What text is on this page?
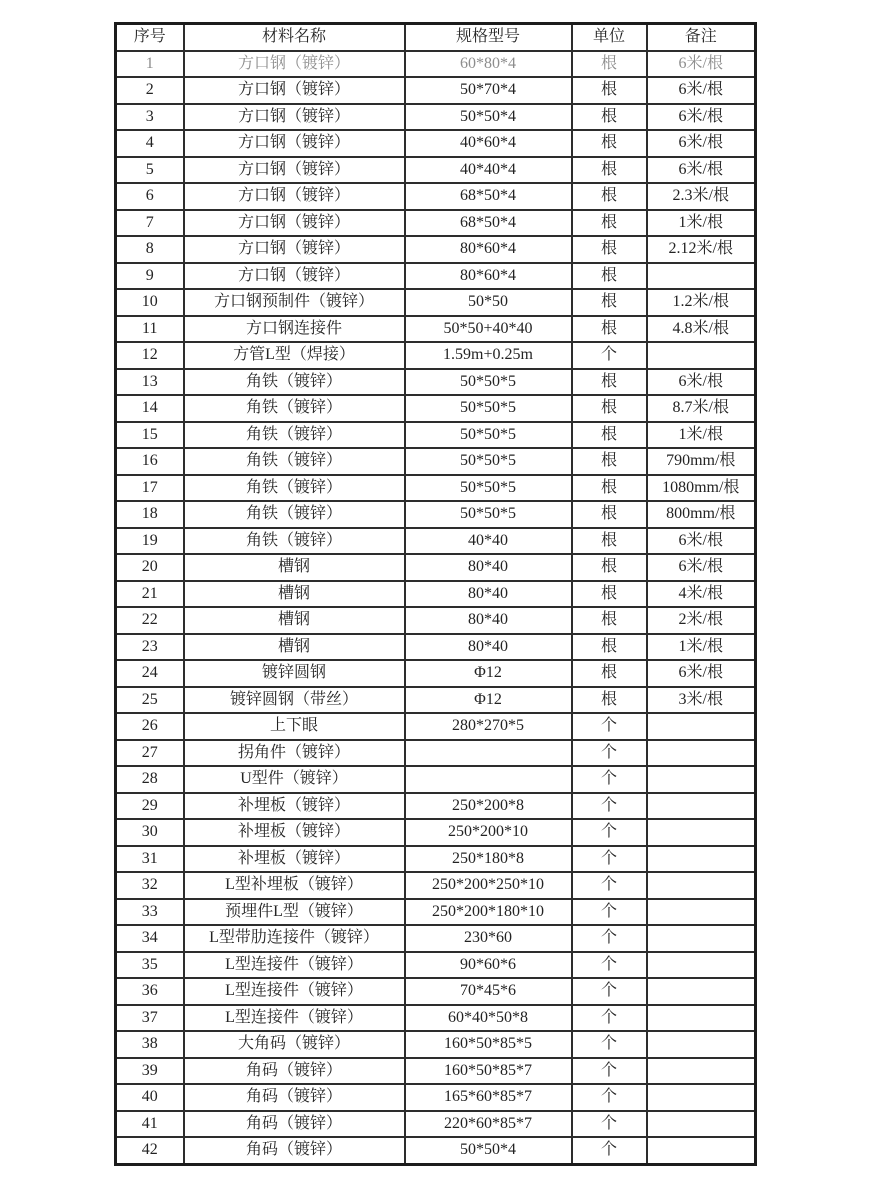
序号	材料名称	规格型号	单位	备注
1	方口钢（镀锌）	60*80*4	根	6米/根
2	方口钢（镀锌）	50*70*4	根	6米/根
3	方口钢（镀锌）	50*50*4	根	6米/根
4	方口钢（镀锌）	40*60*4	根	6米/根
5	方口钢（镀锌）	40*40*4	根	6米/根
6	方口钢（镀锌）	68*50*4	根	2.3米/根
7	方口钢（镀锌）	68*50*4	根	1米/根
8	方口钢（镀锌）	80*60*4	根	2.12米/根
9	方口钢（镀锌）	80*60*4	根	
10	方口钢预制件（镀锌）	50*50	根	1.2米/根
11	方口钢连接件	50*50+40*40	根	4.8米/根
12	方管L型（焊接）	1.59m+0.25m	个	
13	角铁（镀锌）	50*50*5	根	6米/根
14	角铁（镀锌）	50*50*5	根	8.7米/根
15	角铁（镀锌）	50*50*5	根	1米/根
16	角铁（镀锌）	50*50*5	根	790mm/根
17	角铁（镀锌）	50*50*5	根	1080mm/根
18	角铁（镀锌）	50*50*5	根	800mm/根
19	角铁（镀锌）	40*40	根	6米/根
20	槽钢	80*40	根	6米/根
21	槽钢	80*40	根	4米/根
22	槽钢	80*40	根	2米/根
23	槽钢	80*40	根	1米/根
24	镀锌圆钢	Φ12	根	6米/根
25	镀锌圆钢（带丝）	Φ12	根	3米/根
26	上下眼	280*270*5	个	
27	拐角件（镀锌）		个	
28	U型件（镀锌）		个	
29	补埋板（镀锌）	250*200*8	个	
30	补埋板（镀锌）	250*200*10	个	
31	补埋板（镀锌）	250*180*8	个	
32	L型补埋板（镀锌）	250*200*250*10	个	
33	预埋件L型（镀锌）	250*200*180*10	个	
34	L型带肋连接件（镀锌）	230*60	个	
35	L型连接件（镀锌）	90*60*6	个	
36	L型连接件（镀锌）	70*45*6	个	
37	L型连接件（镀锌）	60*40*50*8	个	
38	大角码（镀锌）	160*50*85*5	个	
39	角码（镀锌）	160*50*85*7	个	
40	角码（镀锌）	165*60*85*7	个	
41	角码（镀锌）	220*60*85*7	个	
42	角码（镀锌）	50*50*4	个	
